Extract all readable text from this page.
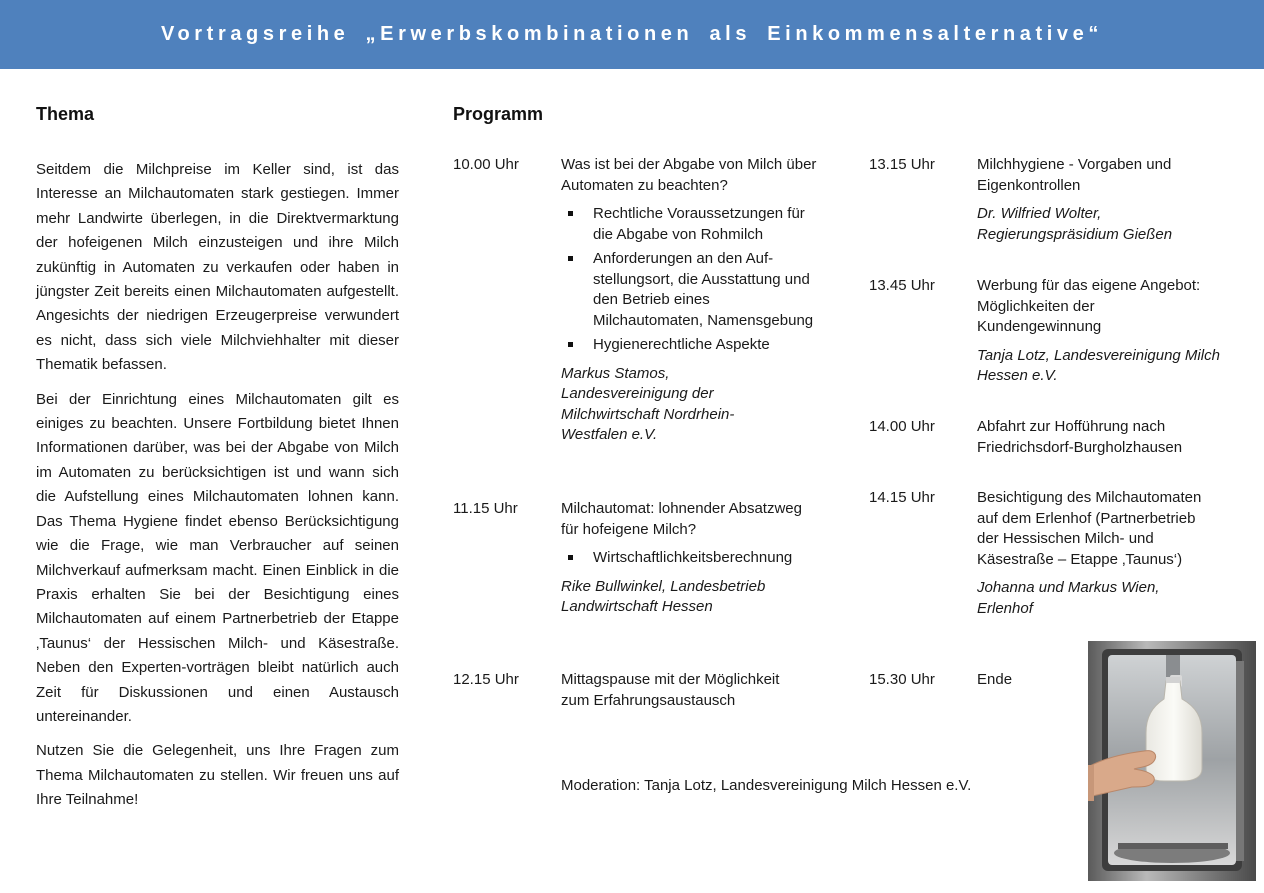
Vortragsreihe „Erwerbskombinationen als Einkommensalternative“
Thema

Seitdem die Milchpreise im Keller sind, ist das Interesse an Milchautomaten stark gestiegen. Immer mehr Landwirte überlegen, in die Direktvermarktung der hofeigenen Milch einzusteigen und ihre Milch zukünftig in Automaten zu verkaufen oder haben in jüngster Zeit bereits einen Milchautomaten aufgestellt. Angesichts der niedrigen Erzeugerpreise verwundert es nicht, dass sich viele Milchviehhalter mit dieser Thematik befassen.

Bei der Einrichtung eines Milchautomaten gilt es einiges zu beachten. Unsere Fortbildung bietet Ihnen Informationen darüber, was bei der Abgabe von Milch im Automaten zu berücksichtigen ist und wann sich die Aufstellung eines Milchautomaten lohnen kann. Das Thema Hygiene findet ebenso Berücksichtigung wie die Frage, wie man Verbraucher auf seinen Milchverkauf aufmerksam macht. Einen Einblick in die Praxis erhalten Sie bei der Besichtigung eines Milchautomaten auf einem Partnerbetrieb der Etappe ‚Taunus‘ der Hessischen Milch- und Käsestraße. Neben den Experten-vorträgen bleibt natürlich auch Zeit für Diskussionen und einen Austausch untereinander.

Nutzen Sie die Gelegenheit, uns Ihre Fragen zum Thema Milchautomaten zu stellen. Wir freuen uns auf Ihre Teilnahme!

Programm
10.00 Uhr	Was ist bei der Abgabe von Milch über Automaten zu beachten?

Rechtliche Voraussetzungen für die Abgabe von Rohmilch
Anforderungen an den Auf-stellungsort, die Ausstattung und den Betrieb eines Milchautomaten, Namensgebung
Hygienerechtliche Aspekte

Markus Stamos, Landesvereinigung der Milchwirtschaft Nordrhein-Westfalen e.V.

11.15 Uhr	Milchautomat: lohnender Absatzweg für hofeigene Milch?

Wirtschaftlichkeitsberechnung

Rike Bullwinkel, Landesbetrieb Landwirtschaft Hessen

12.15 Uhr	Mittagspause mit der Möglichkeit zum Erfahrungsaustausch

13.15 Uhr	Milchhygiene - Vorgaben und Eigenkontrollen

Dr. Wilfried Wolter, Regierungspräsidium Gießen

13.45 Uhr	Werbung für das eigene Angebot: Möglichkeiten der Kundengewinnung

Tanja Lotz, Landesvereinigung Milch Hessen e.V.

14.00 Uhr	Abfahrt zur Hofführung nach Friedrichsdorf-Burgholzhausen

14.15 Uhr	Besichtigung des Milchautomaten auf dem Erlenhof (Partnerbetrieb der Hessischen Milch- und Käsestraße – Etappe ‚Taunus‘)

Johanna und Markus Wien, Erlenhof

15.30 Uhr	Ende

Moderation: Tanja Lotz, Landesvereinigung Milch Hessen e.V.
